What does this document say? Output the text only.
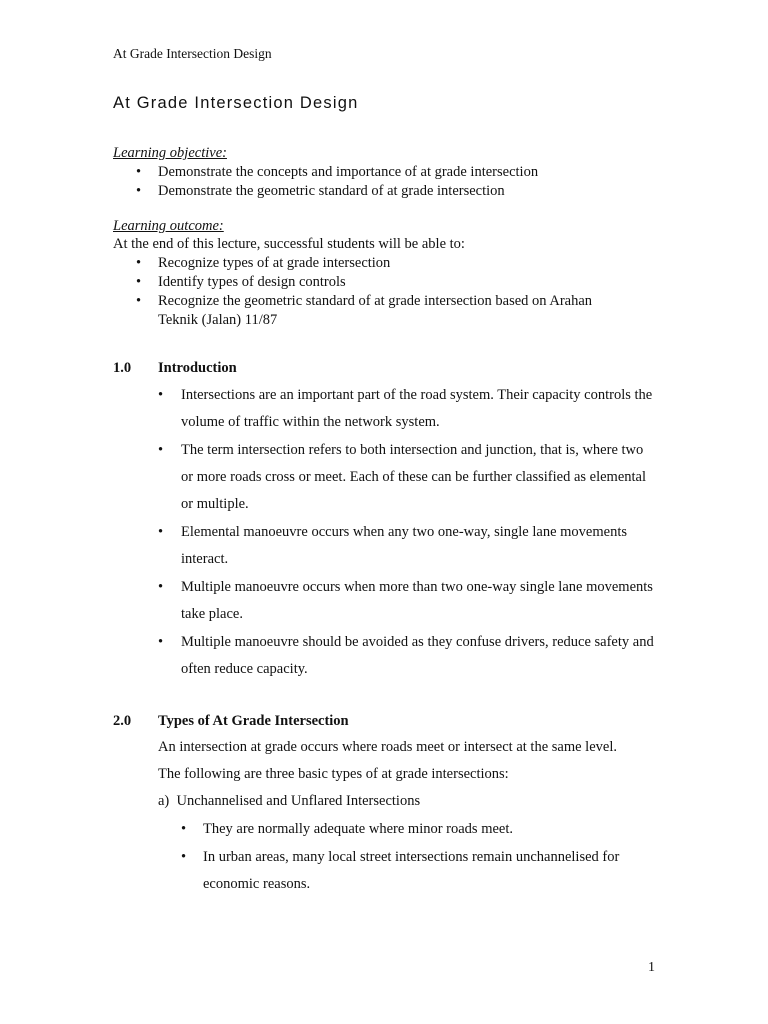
At Grade Intersection Design
At Grade Intersection Design
Learning objective:
• Demonstrate the concepts and importance of at grade intersection
• Demonstrate the geometric standard of at grade intersection
Learning outcome:
At the end of this lecture, successful students will be able to:
• Recognize types of at grade intersection
• Identify types of design controls
• Recognize the geometric standard of at grade intersection based on Arahan Teknik (Jalan) 11/87
1.0 Introduction
• Intersections are an important part of the road system. Their capacity controls the volume of traffic within the network system.
• The term intersection refers to both intersection and junction, that is, where two or more roads cross or meet. Each of these can be further classified as elemental or multiple.
• Elemental manoeuvre occurs when any two one-way, single lane movements interact.
• Multiple manoeuvre occurs when more than two one-way single lane movements take place.
• Multiple manoeuvre should be avoided as they confuse drivers, reduce safety and often reduce capacity.
2.0 Types of At Grade Intersection
An intersection at grade occurs where roads meet or intersect at the same level.
The following are three basic types of at grade intersections:
a)  Unchannelised and Unflared Intersections
• They are normally adequate where minor roads meet.
• In urban areas, many local street intersections remain unchannelised for economic reasons.
1
